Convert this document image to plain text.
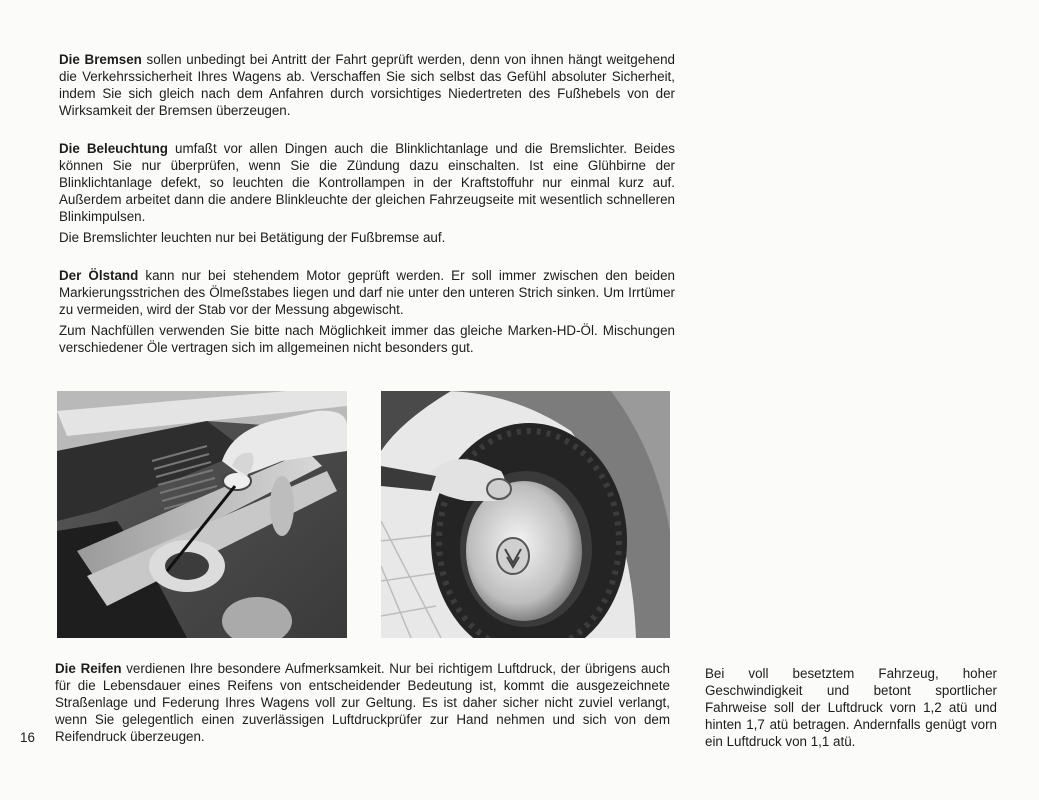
Die Bremsen sollen unbedingt bei Antritt der Fahrt geprüft werden, denn von ihnen hängt weitgehend die Verkehrssicherheit Ihres Wagens ab. Verschaffen Sie sich selbst das Gefühl absoluter Sicherheit, indem Sie sich gleich nach dem Anfahren durch vorsichtiges Niedertreten des Fußhebels von der Wirksamkeit der Bremsen überzeugen.

Die Beleuchtung umfaßt vor allen Dingen auch die Blinklichtanlage und die Bremslichter. Beides können Sie nur überprüfen, wenn Sie die Zündung dazu einschalten. Ist eine Glühbirne der Blinklichtanlage defekt, so leuchten die Kontrollampen in der Kraftstoffuhr nur einmal kurz auf. Außerdem arbeitet dann die andere Blinkleuchte der gleichen Fahrzeugseite mit wesentlich schnelleren Blinkimpulsen.

Die Bremslichter leuchten nur bei Betätigung der Fußbremse auf.

Der Ölstand kann nur bei stehendem Motor geprüft werden. Er soll immer zwischen den beiden Markierungsstrichen des Ölmeßstabes liegen und darf nie unter den unteren Strich sinken. Um Irrtümer zu vermeiden, wird der Stab vor der Messung abgewischt.

Zum Nachfüllen verwenden Sie bitte nach Möglichkeit immer das gleiche Marken-HD-Öl. Mischungen verschiedener Öle vertragen sich im allgemeinen nicht besonders gut.

Die Reifen verdienen Ihre besondere Aufmerksamkeit. Nur bei richtigem Luftdruck, der übrigens auch für die Lebensdauer eines Reifens von entscheidender Bedeutung ist, kommt die ausgezeichnete Straßenlage und Federung Ihres Wagens voll zur Geltung. Es ist daher sicher nicht zuviel verlangt, wenn Sie gelegentlich einen zuverlässigen Luftdruckprüfer zur Hand nehmen und sich von dem Reifendruck überzeugen.

Bei voll besetztem Fahrzeug, hoher Geschwindigkeit und betont sportlicher Fahrweise soll der Luftdruck vorn 1,2 atü und hinten 1,7 atü betragen. Andernfalls genügt vorn ein Luftdruck von 1,1 atü.

16
